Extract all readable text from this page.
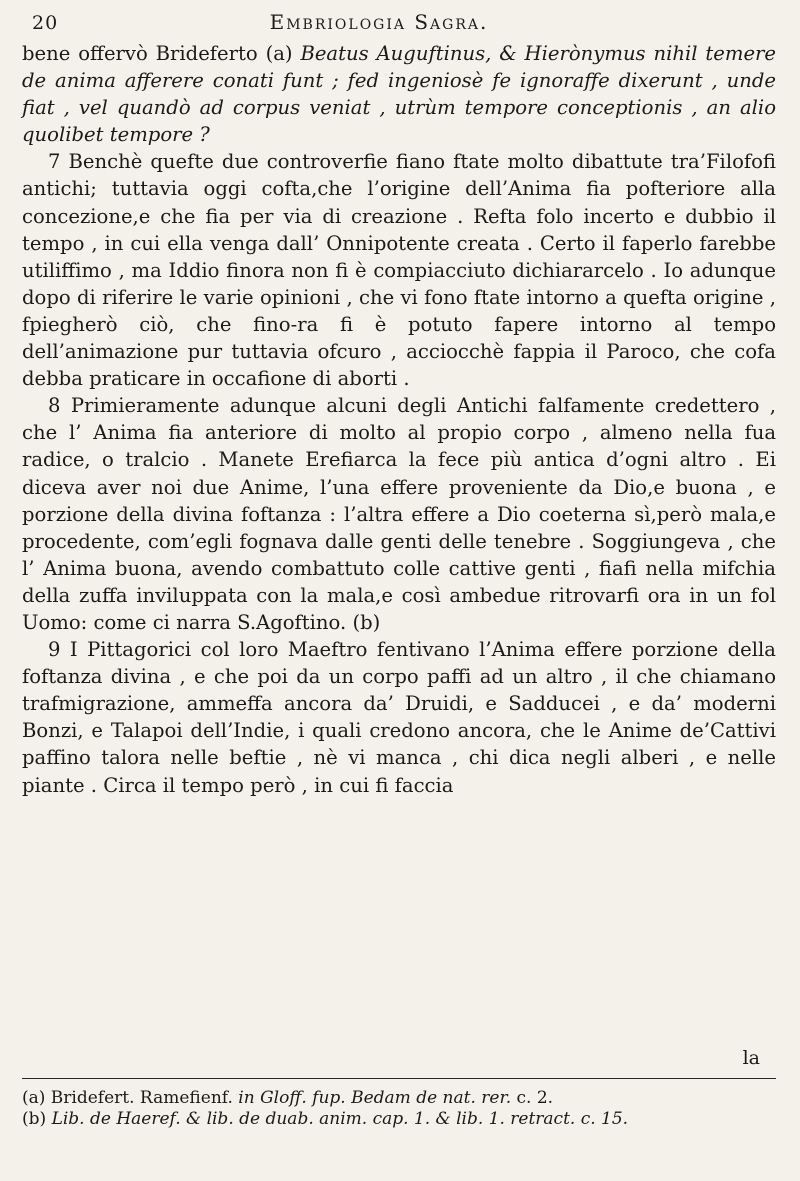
20	Embriologia Sagra.

bene offervò Brideferto (a) Beatus Auguftinus, & Hierònymus nihil temere de anima afferere conati funt ; fed ingeniosè fe ignoraffe dixerunt , unde fiat , vel quandò ad corpus veniat , utrùm tempore conceptionis , an alio quolibet tempore ?

7 Benchè quefte due controverfie fiano ftate molto dibattute tra’Filofofi antichi; tuttavia oggi cofta,che l’origine dell’Anima fia pofteriore alla concezione,e che fia per via di creazione . Refta folo incerto e dubbio il tempo , in cui ella venga dall’ Onnipotente creata . Certo il faperlo farebbe utiliffimo , ma Iddio finora non fi è compiacciuto dichiararcelo . Io adunque dopo di riferire le varie opinioni , che vi fono ftate intorno a quefta origine , fpiegherò ciò, che fino-ra fi è potuto fapere intorno al tempo dell’animazione pur tuttavia ofcuro , acciocchè fappia il Paroco, che cofa debba praticare in occafione di aborti .

8 Primieramente adunque alcuni degli Antichi falfamente credettero , che l’ Anima fia anteriore di molto al propio corpo , almeno nella fua radice, o tralcio . Manete Erefiarca la fece più antica d’ogni altro . Ei diceva aver noi due Anime, l’una effere proveniente da Dio,e buona , e porzione della divina foftanza : l’altra effere a Dio coeterna sì,però mala,e procedente, com’egli fognava dalle genti delle tenebre . Soggiungeva , che l’ Anima buona, avendo combattuto colle cattive genti , fiafi nella mifchia della zuffa inviluppata con la mala,e così ambedue ritrovarfi ora in un fol Uomo: come ci narra S.Agoftino. (b)

9 I Pittagorici col loro Maeftro fentivano l’Anima effere porzione della foftanza divina , e che poi da un corpo paffi ad un altro , il che chiamano trafmigrazione, ammeffa ancora da’ Druidi, e Sadducei , e da’ moderni Bonzi, e Talapoi dell’Indie, i quali credono ancora, che le Anime de’Cattivi paffino talora nelle beftie , nè vi manca , chi dica negli alberi , e nelle piante . Circa il tempo però , in cui fi faccia

la

(a) Bridefert. Ramefienf. in Gloff. fup. Bedam de nat. rer. c. 2.

(b) Lib. de Haeref. & lib. de duab. anim. cap. 1. & lib. 1. retract. c. 15.
